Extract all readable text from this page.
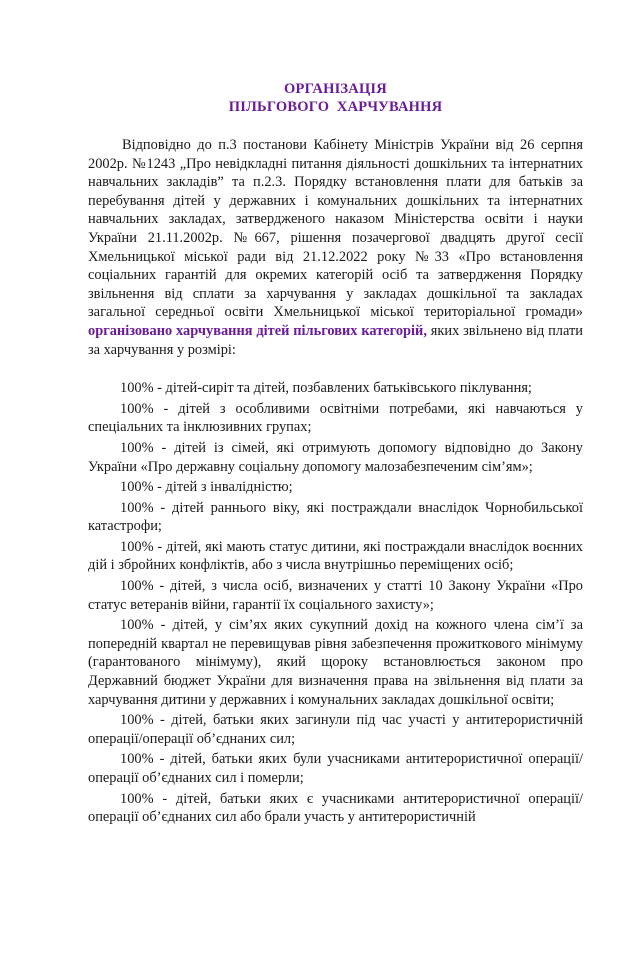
ОРГАНІЗАЦІЯ
ПІЛЬГОВОГО  ХАРЧУВАННЯ

Відповідно до п.3 постанови Кабінету Міністрів України від 26 серпня 2002р. №1243 „Про невідкладні питання діяльності дошкільних та інтернатних навчальних закладів” та п.2.3. Порядку встановлення плати для батьків за перебування дітей у державних і комунальних дошкільних та інтернатних навчальних закладах, затвердженого наказом Міністерства освіти і науки України 21.11.2002р. №667, рішення позачергової двадцять другої сесії Хмельницької міської ради від 21.12.2022 року №33 «Про встановлення соціальних гарантій для окремих категорій осіб та затвердження Порядку звільнення від сплати за харчування у закладах дошкільної та закладах загальної середньої освіти Хмельницької міської територіальної громади» організовано харчування дітей пільгових категорій, яких звільнено від плати за харчування у розмірі:

100% - дітей-сиріт та дітей, позбавлених батьківського піклування;

100% - дітей з особливими освітніми потребами, які навчаються у спеціальних та інклюзивних групах;

100% - дітей із сімей, які отримують допомогу відповідно до Закону України «Про державну соціальну допомогу малозабезпеченим сім’ям»;

100% - дітей з інвалідністю;

100% - дітей раннього віку, які постраждали внаслідок Чорнобильської катастрофи;

100% - дітей, які мають статус дитини, які постраждали внаслідок воєнних дій і збройних конфліктів, або з числа внутрішньо переміщених осіб;

100% - дітей, з числа осіб, визначених у статті 10 Закону України «Про статус ветеранів війни, гарантії їх соціального захисту»;

100% - дітей, у сім’ях яких сукупний дохід на кожного члена сім’ї за попередній квартал не перевищував рівня забезпечення прожиткового мінімуму (гарантованого мінімуму), який щороку встановлюється законом про Державний бюджет України для визначення права на звільнення від плати за харчування дитини у державних і комунальних закладах дошкільної освіти;

100% - дітей, батьки яких загинули під час участі у антитерористичній операції/операції об’єднаних сил;

100% - дітей, батьки яких були учасниками антитерористичної операції/операції об’єднаних сил і померли;

100% - дітей, батьки яких є учасниками антитерористичної операції/операції об’єднаних сил або брали участь у антитерористичній
